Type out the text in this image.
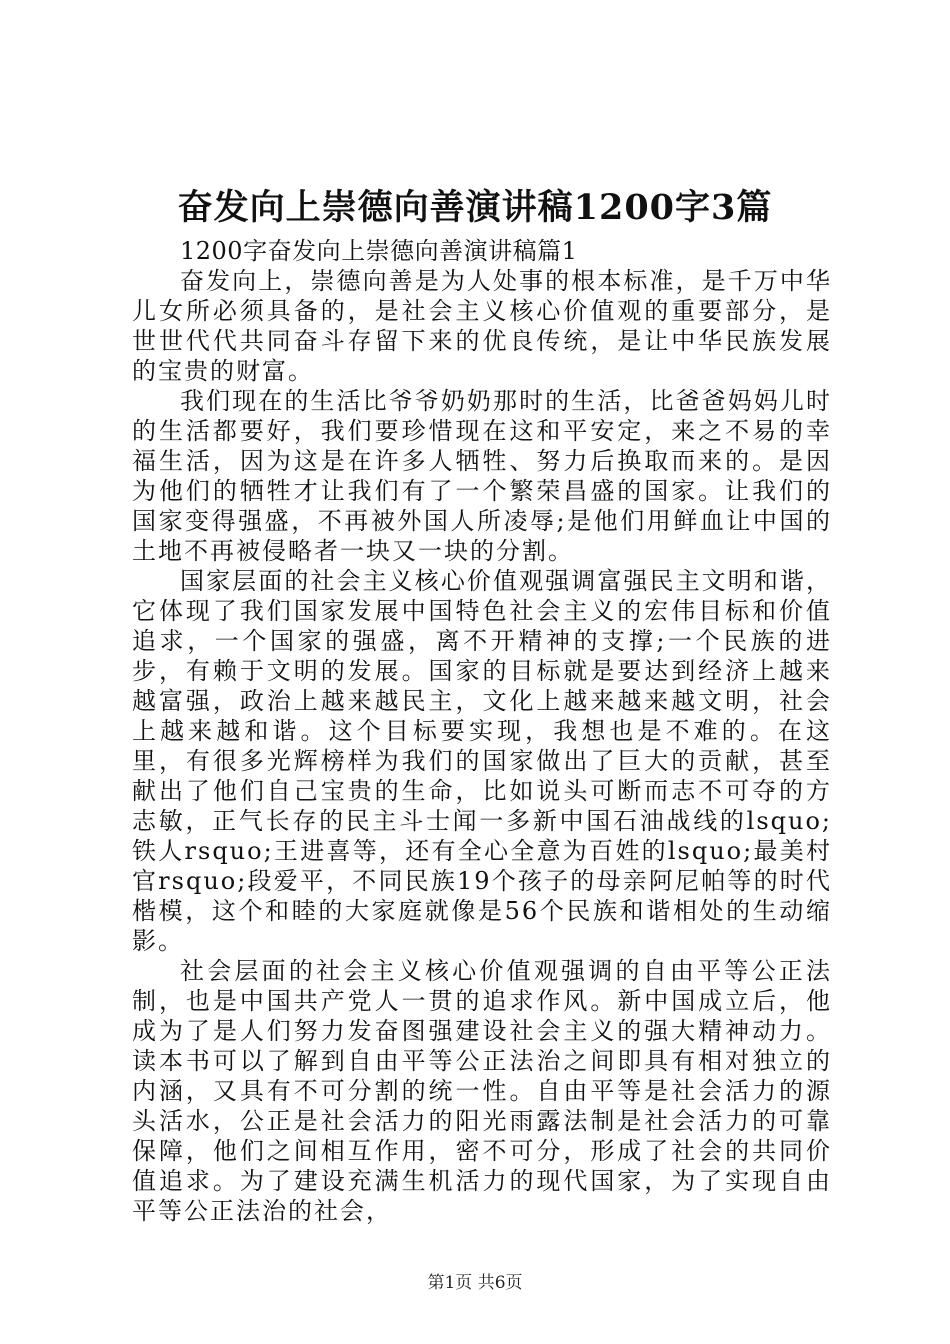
奋发向上崇德向善演讲稿1200字3篇

1200字奋发向上崇德向善演讲稿篇1

奋发向上，崇德向善是为人处事的根本标准，是千万中华儿女所必须具备的，是社会主义核心价值观的重要部分，是世世代代共同奋斗存留下来的优良传统，是让中华民族发展的宝贵的财富。

我们现在的生活比爷爷奶奶那时的生活，比爸爸妈妈儿时的生活都要好，我们要珍惜现在这和平安定，来之不易的幸福生活，因为这是在许多人牺牲、努力后换取而来的。是因为他们的牺牲才让我们有了一个繁荣昌盛的国家。让我们的国家变得强盛，不再被外国人所凌辱;是他们用鲜血让中国的土地不再被侵略者一块又一块的分割。

国家层面的社会主义核心价值观强调富强民主文明和谐，它体现了我们国家发展中国特色社会主义的宏伟目标和价值追求，一个国家的强盛，离不开精神的支撑;一个民族的进步，有赖于文明的发展。国家的目标就是要达到经济上越来越富强，政治上越来越民主，文化上越来越来越文明，社会上越来越和谐。这个目标要实现，我想也是不难的。在这里，有很多光辉榜样为我们的国家做出了巨大的贡献，甚至献出了他们自己宝贵的生命，比如说头可断而志不可夺的方志敏，正气长存的民主斗士闻一多新中国石油战线的lsquo;铁人rsquo;王进喜等，还有全心全意为百姓的lsquo;最美村官rsquo;段爱平，不同民族19个孩子的母亲阿尼帕等的时代楷模，这个和睦的大家庭就像是56个民族和谐相处的生动缩影。

社会层面的社会主义核心价值观强调的自由平等公正法制，也是中国共产党人一贯的追求作风。新中国成立后，他成为了是人们努力发奋图强建设社会主义的强大精神动力。读本书可以了解到自由平等公正法治之间即具有相对独立的内涵，又具有不可分割的统一性。自由平等是社会活力的源头活水，公正是社会活力的阳光雨露法制是社会活力的可靠保障，他们之间相互作用，密不可分，形成了社会的共同价值追求。为了建设充满生机活力的现代国家，为了实现自由平等公正法治的社会，

第1页 共6页
